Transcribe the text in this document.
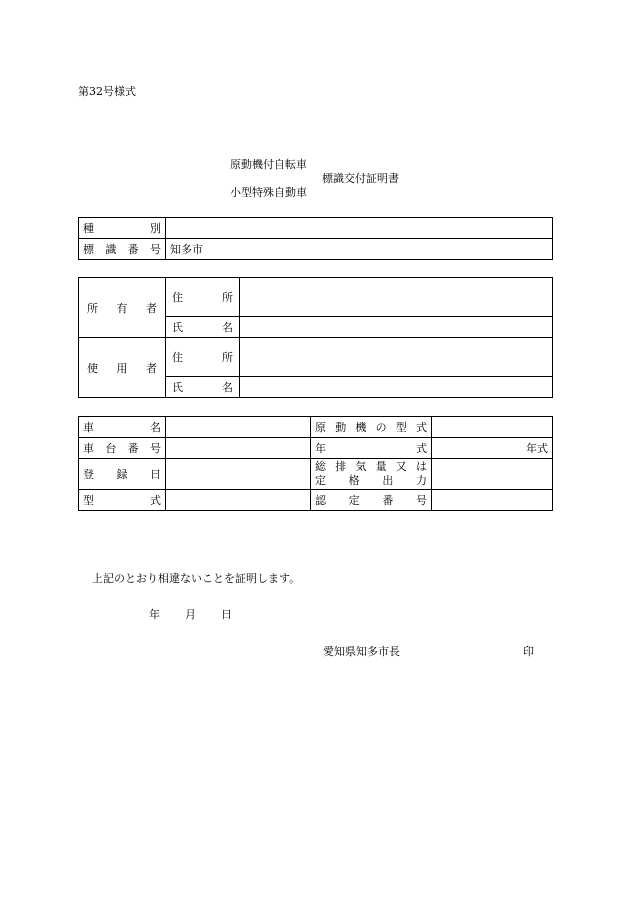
第32号様式
原動機付自転車
標識交付証明書
小型特殊自動車
種別	
標識番号	知多市
所有者	住所	
	氏名	
使用者	住所	
	氏名	
車名		原動機の型式	
車台番号		年式	年式
登録日		総排気量又は
定格出力	

型式		認定番号	
上記のとおり相違ないことを証明します。
年 月 日
愛知県知多市長	印
